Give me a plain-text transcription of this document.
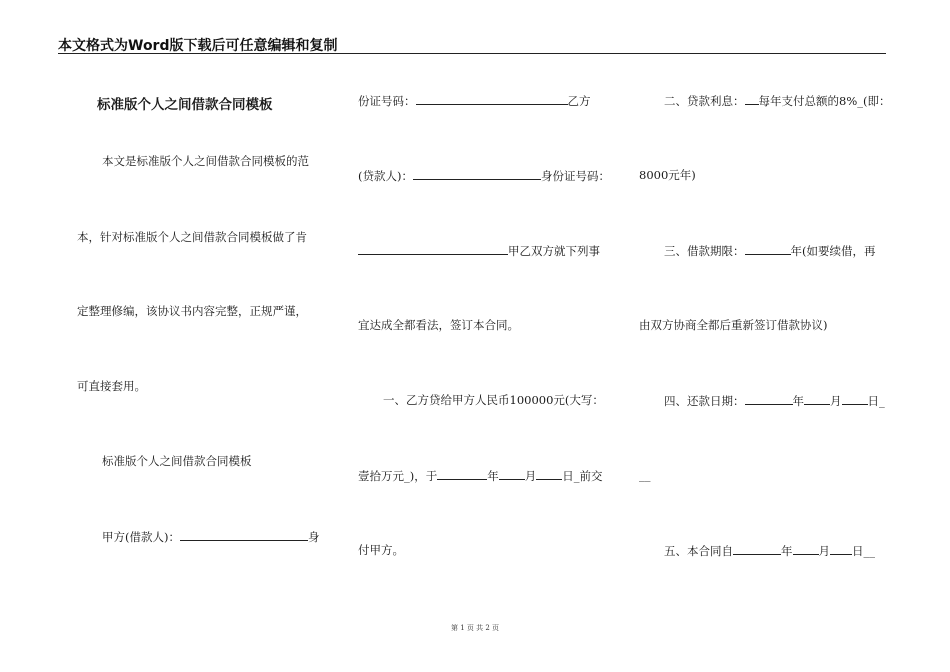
本文格式为Word版下载后可任意编辑和复制
标准版个人之间借款合同模板
本文是标准版个人之间借款合同模板的范
本，针对标准版个人之间借款合同模板做了肯
定整理修编，该协议书内容完整，正规严谨，
可直接套用。
标准版个人之间借款合同模板
甲方(借款人)：	身
份证号码：	乙方
(贷款人)：	身份证号码：
甲乙双方就下列事
宜达成全都看法，签订本合同。
一、乙方贷给甲方人民币100000元(大写：
壹拾万元_)，于	年 月 日_前交
付甲方。
二、贷款利息： 每年支付总额的8%_(即：
8000元年)
三、借款期限：	年(如要续借，再
由双方协商全都后重新签订借款协议)
四、还款日期：	年 月 日_
__
五、本合同自	年 月 日__
第 1 页 共 2 页
